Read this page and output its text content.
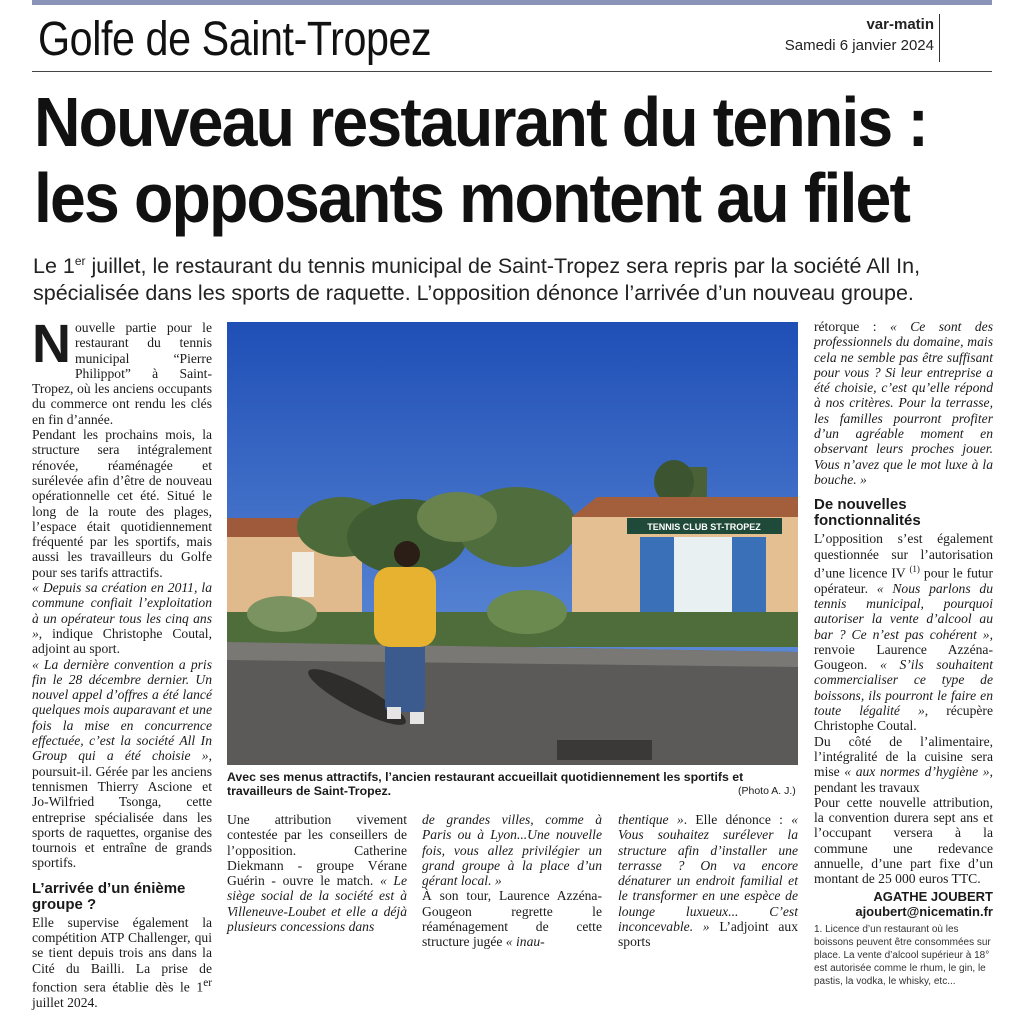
Golfe de Saint-Tropez	var-matin
Samedi 6 janvier 2024
Nouveau restaurant du tennis :
les opposants montent au filet
Le 1er juillet, le restaurant du tennis municipal de Saint-Tropez sera repris par la société All In, spécialisée dans les sports de raquette. L’opposition dénonce l’arrivée d’un nouveau groupe.

Nouvelle partie pour le restaurant du tennis municipal “Pierre Philippot” à Saint-Tropez, où les anciens occupants du commerce ont rendu les clés en fin d’année.

Pendant les prochains mois, la structure sera intégralement rénovée, réaménagée et surélevée afin d’être de nouveau opérationnelle cet été. Situé le long de la route des plages, l’espace était quotidiennement fréquenté par les sportifs, mais aussi les travailleurs du Golfe pour ses tarifs attractifs.

« Depuis sa création en 2011, la commune confiait l’exploitation à un opérateur tous les cinq ans », indique Christophe Coutal, adjoint au sport.

« La dernière convention a pris fin le 28 décembre dernier. Un nouvel appel d’offres a été lancé quelques mois auparavant et une fois la mise en concurrence effectuée, c’est la société All In Group qui a été choisie », poursuit-il. Gérée par les anciens tennismen Thierry Ascione et Jo-Wilfried Tsonga, cette entreprise spécialisée dans les sports de raquettes, organise des tournois et entraîne de grands sportifs.

L’arrivée d’un énième groupe ?

Elle supervise également la compétition ATP Challenger, qui se tient depuis trois ans dans la Cité du Bailli. La prise de fonction sera établie dès le 1er juillet 2024.

TENNIS CLUB ST-TROPEZ
Avec ses menus attractifs, l’ancien restaurant accueillait quotidiennement les sportifs et travailleurs de Saint-Tropez.	(Photo A. J.)

Une attribution vivement contestée par les conseillers de l’opposition. Catherine Diekmann - groupe Vérane Guérin - ouvre le match. « Le siège social de la société est à Villeneuve-Loubet et elle a déjà plusieurs concessions dans

de grandes villes, comme à Paris ou à Lyon...Une nouvelle fois, vous allez privilégier un grand groupe à la place d’un gérant local. »

À son tour, Laurence Azzéna-Gougeon regrette le réaménagement de cette structure jugée « inau-

thentique ». Elle dénonce : « Vous souhaitez surélever la structure afin d’installer une terrasse ? On va encore dénaturer un endroit familial et le transformer en une espèce de lounge luxueux... C’est inconcevable. » L’adjoint aux sports

rétorque : « Ce sont des professionnels du domaine, mais cela ne semble pas être suffisant pour vous ? Si leur entreprise a été choisie, c’est qu’elle répond à nos critères. Pour la terrasse, les familles pourront profiter d’un agréable moment en observant leurs proches jouer. Vous n’avez que le mot luxe à la bouche. »

De nouvelles fonctionnalités

L’opposition s’est également questionnée sur l’autorisation d’une licence IV $^{(1)}$ pour le futur opérateur. « Nous parlons du tennis municipal, pourquoi autoriser la vente d’alcool au bar ? Ce n’est pas cohérent », renvoie Laurence Azzéna-Gougeon. « S’ils souhaitent commercialiser ce type de boissons, ils pourront le faire en toute légalité », récupère Christophe Coutal.

Du côté de l’alimentaire, l’intégralité de la cuisine sera mise « aux normes d’hygiène », pendant les travaux

Pour cette nouvelle attribution, la convention durera sept ans et l’occupant versera à la commune une redevance annuelle, d’une part fixe d’un montant de 25 000 euros TTC.

AGATHE JOUBERT

ajoubert@nicematin.fr

1. Licence d’un restaurant où les boissons peuvent être consommées sur place. La vente d’alcool supérieur à 18° est autorisée comme le rhum, le gin, le pastis, la vodka, le whisky, etc...
